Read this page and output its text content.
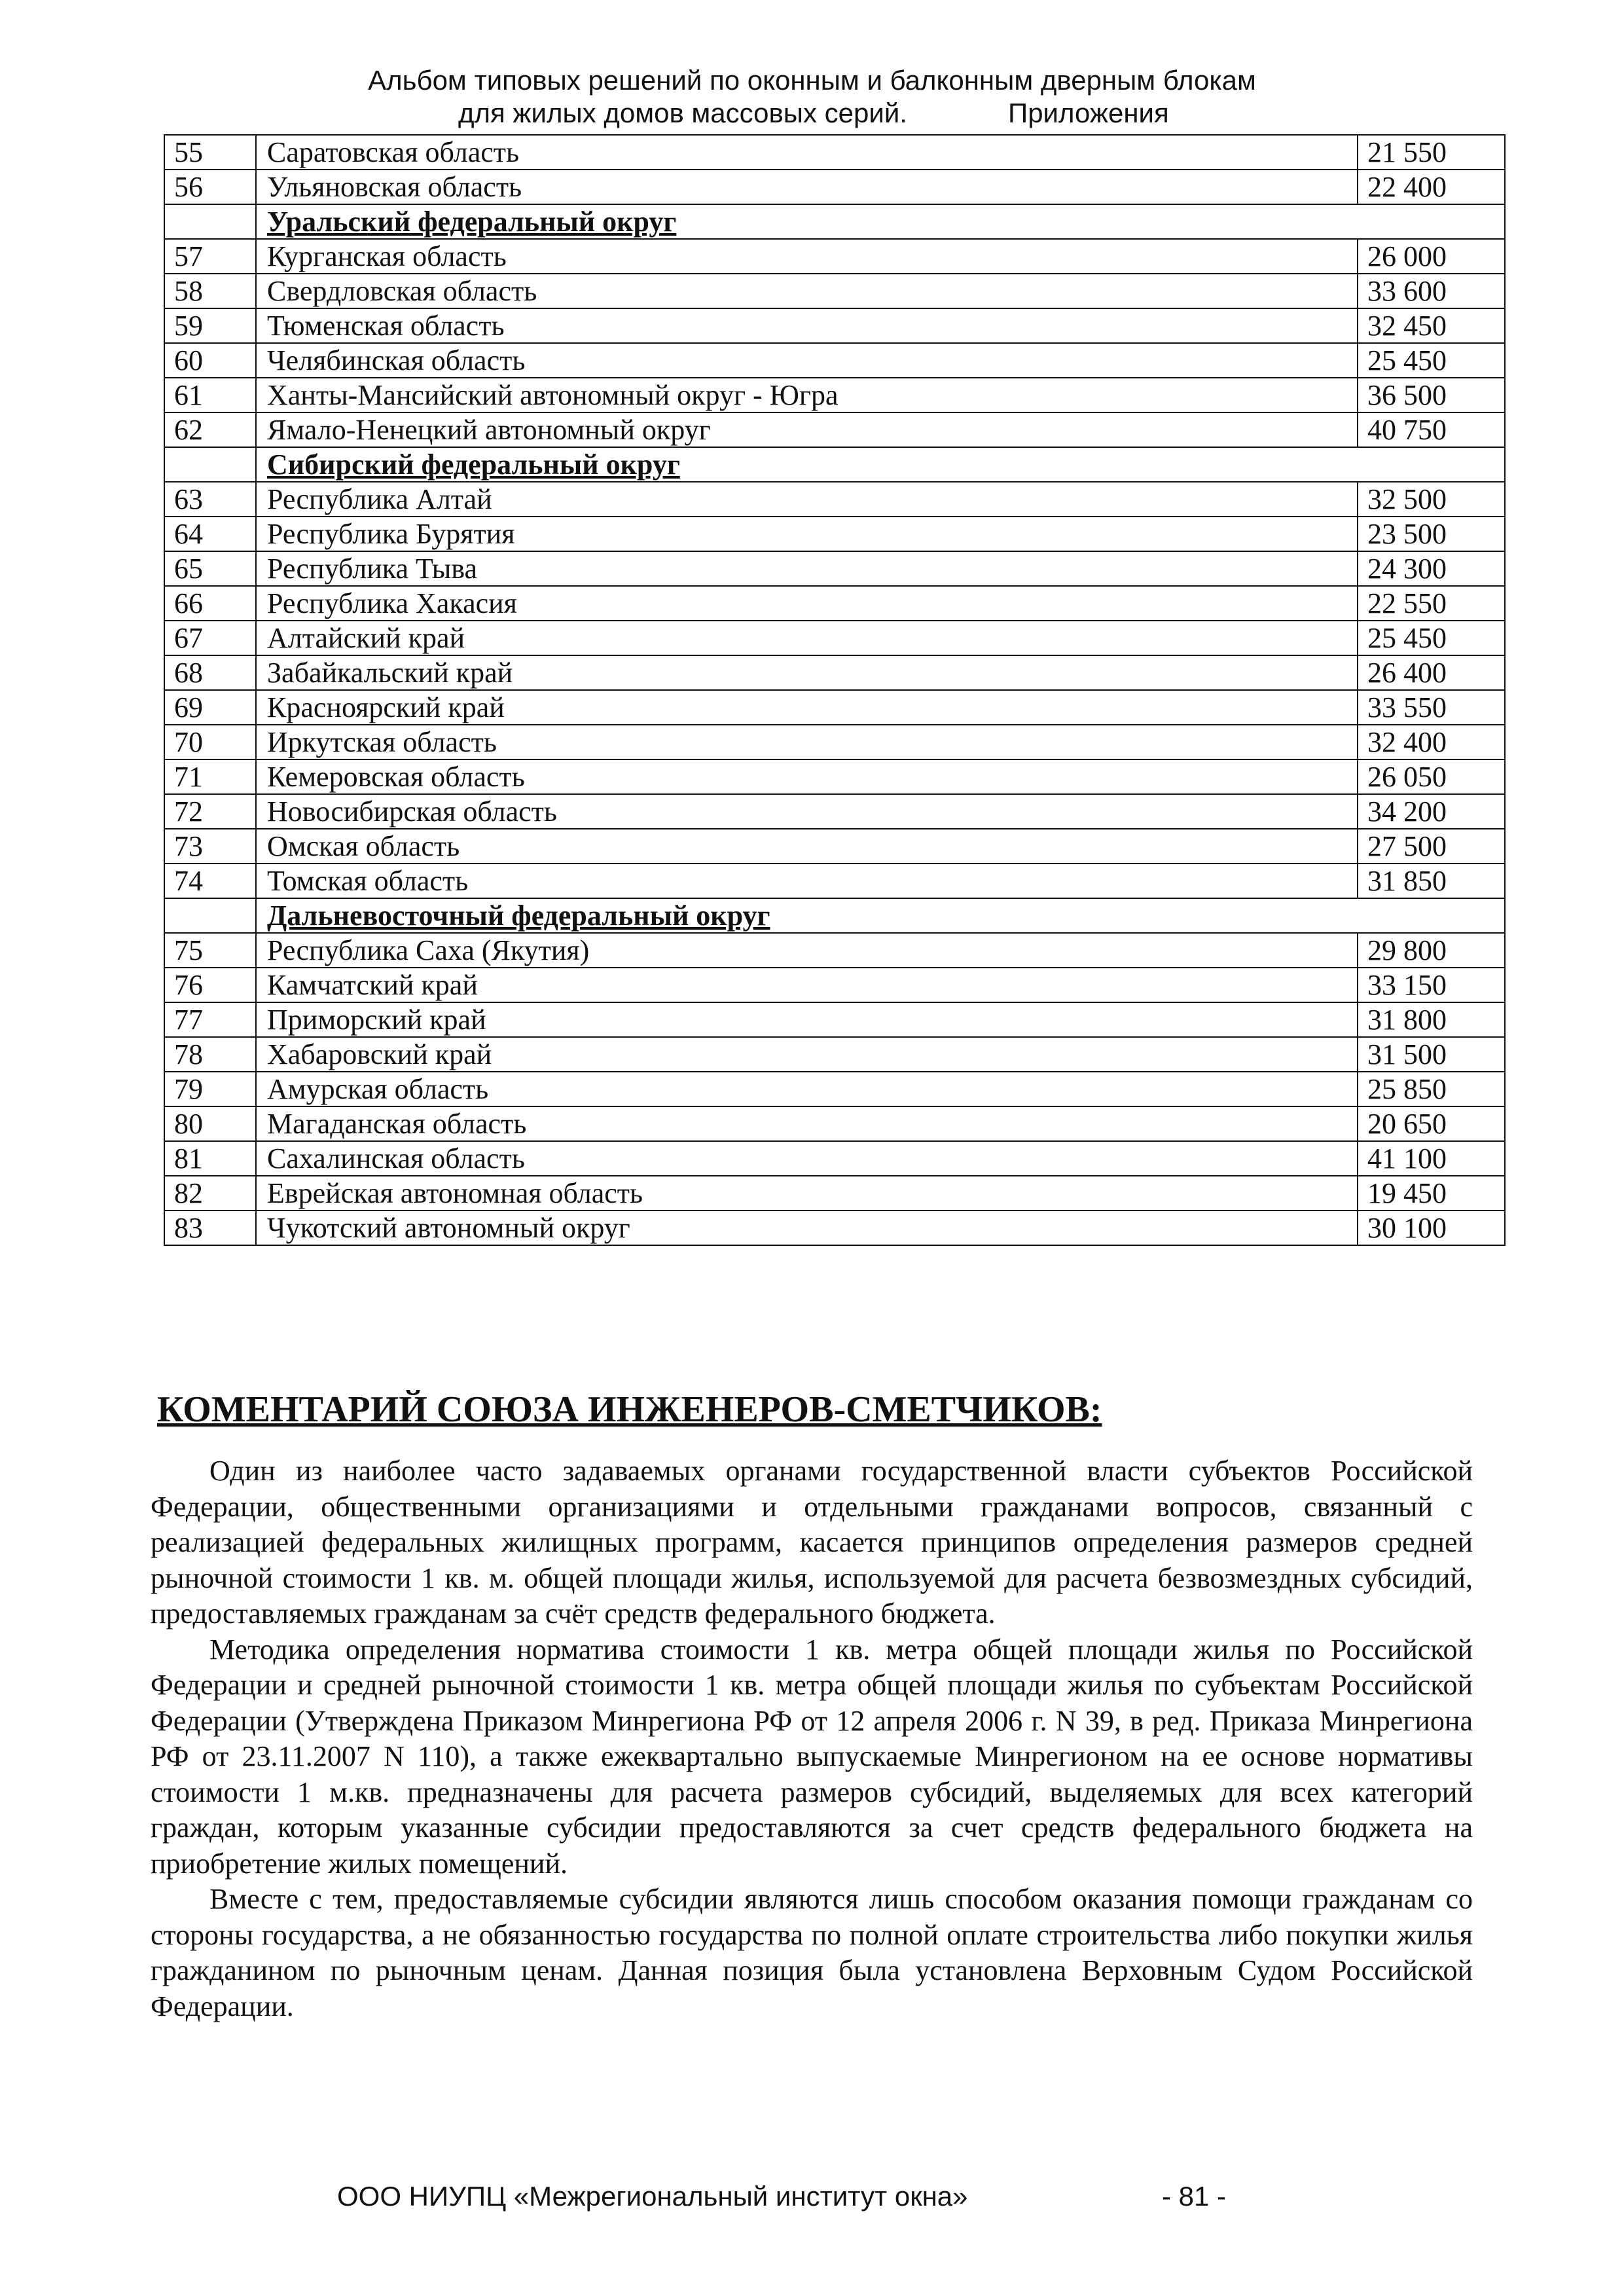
Альбом типовых решений по оконным и балконным дверным блокам
для жилых домов массовых серий.	Приложения
55	Саратовская область	21 550
56	Ульяновская область	22 400
	Уральский федеральный округ	
57	Курганская область	26 000
58	Свердловская область	33 600
59	Тюменская область	32 450
60	Челябинская область	25 450
61	Ханты-Мансийский автономный округ - Югра	36 500
62	Ямало-Ненецкий автономный округ	40 750
	Сибирский федеральный округ	
63	Республика Алтай	32 500
64	Республика Бурятия	23 500
65	Республика Тыва	24 300
66	Республика Хакасия	22 550
67	Алтайский край	25 450
68	Забайкальский край	26 400
69	Красноярский край	33 550
70	Иркутская область	32 400
71	Кемеровская область	26 050
72	Новосибирская область	34 200
73	Омская область	27 500
74	Томская область	31 850
	Дальневосточный федеральный округ	
75	Республика Саха (Якутия)	29 800
76	Камчатский край	33 150
77	Приморский край	31 800
78	Хабаровский край	31 500
79	Амурская область	25 850
80	Магаданская область	20 650
81	Сахалинская область	41 100
82	Еврейская автономная область	19 450
83	Чукотский автономный округ	30 100
КОМЕНТАРИЙ СОЮЗА ИНЖЕНЕРОВ-СМЕТЧИКОВ:

Один из наиболее часто задаваемых органами государственной власти субъектов Российской Федерации, общественными организациями и отдельными гражданами вопросов, связанный с реализацией федеральных жилищных программ, касается принципов определения размеров средней рыночной стоимости 1 кв. м. общей площади жилья, используемой для расчета безвозмездных субсидий, предоставляемых гражданам за счёт средств федерального бюджета.

Методика определения норматива стоимости 1 кв. метра общей площади жилья по Российской Федерации и средней рыночной стоимости 1 кв. метра общей площади жилья по субъектам Российской Федерации (Утверждена Приказом Минрегиона РФ от 12 апреля 2006 г. N 39, в ред. Приказа Минрегиона РФ от 23.11.2007 N 110), а также ежеквартально выпускаемые Минрегионом на ее основе нормативы стоимости 1 м.кв. предназначены для расчета размеров субсидий, выделяемых для всех категорий граждан, которым указанные субсидии предоставляются за счет средств федерального бюджета на приобретение жилых помещений.

Вместе с тем, предоставляемые субсидии являются лишь способом оказания помощи гражданам со стороны государства, а не обязанностью государства по полной оплате строительства либо покупки жилья гражданином по рыночным ценам. Данная позиция была установлена Верховным Судом Российской Федерации.

ООО НИУПЦ «Межрегиональный институт окна»	- 81 -
